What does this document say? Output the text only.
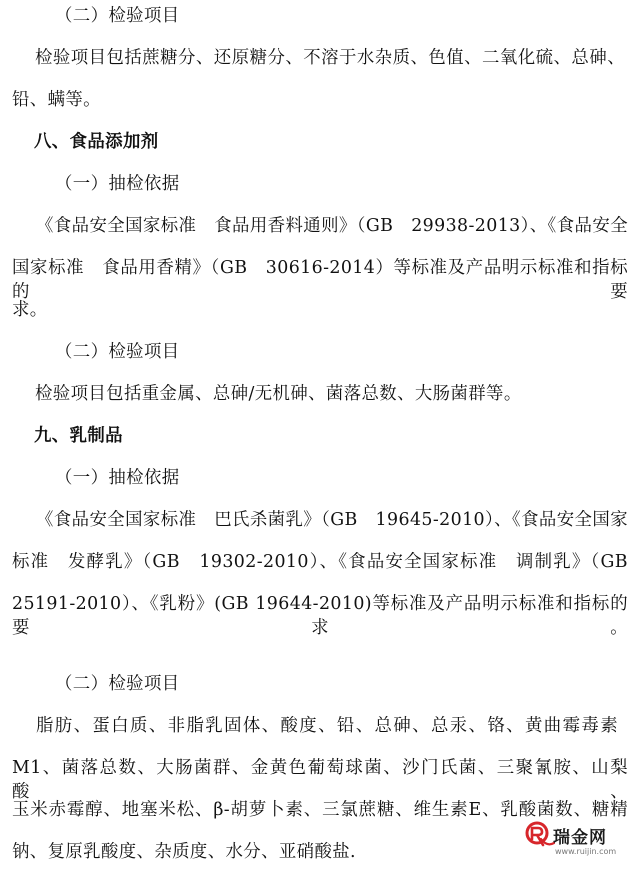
（二）检验项目
检验项目包括蔗糖分、还原糖分、不溶于水杂质、色值、二氧化硫、总砷、
铅、螨等。
八、食品添加剂
（一）抽检依据
《食品安全国家标准　食品用香料通则》（GB　29938-2013）、《食品安全
国家标准　食品用香精》（GB　30616-2014）等标准及产品明示标准和指标的要
求。
（二）检验项目
检验项目包括重金属、总砷/无机砷、菌落总数、大肠菌群等。
九、乳制品
（一）抽检依据
《食品安全国家标准　巴氏杀菌乳》（GB　19645-2010）、《食品安全国家
标准　发酵乳》（GB　19302-2010）、《食品安全国家标准　调制乳》（GB
25191-2010）、《乳粉》(GB 19644-2010)等标准及产品明示标准和指标的要求。
（二）检验项目
脂肪、蛋白质、非脂乳固体、酸度、铅、总砷、总汞、铬、黄曲霉毒素
M1、菌落总数、大肠菌群、金黄色葡萄球菌、沙门氏菌、三聚氰胺、山梨酸、
玉米赤霉醇、地塞米松、β-胡萝卜素、三氯蔗糖、维生素E、乳酸菌数、糖精
钠、复原乳酸度、杂质度、水分、亚硝酸盐.
瑞金网
www.ruijin.com
